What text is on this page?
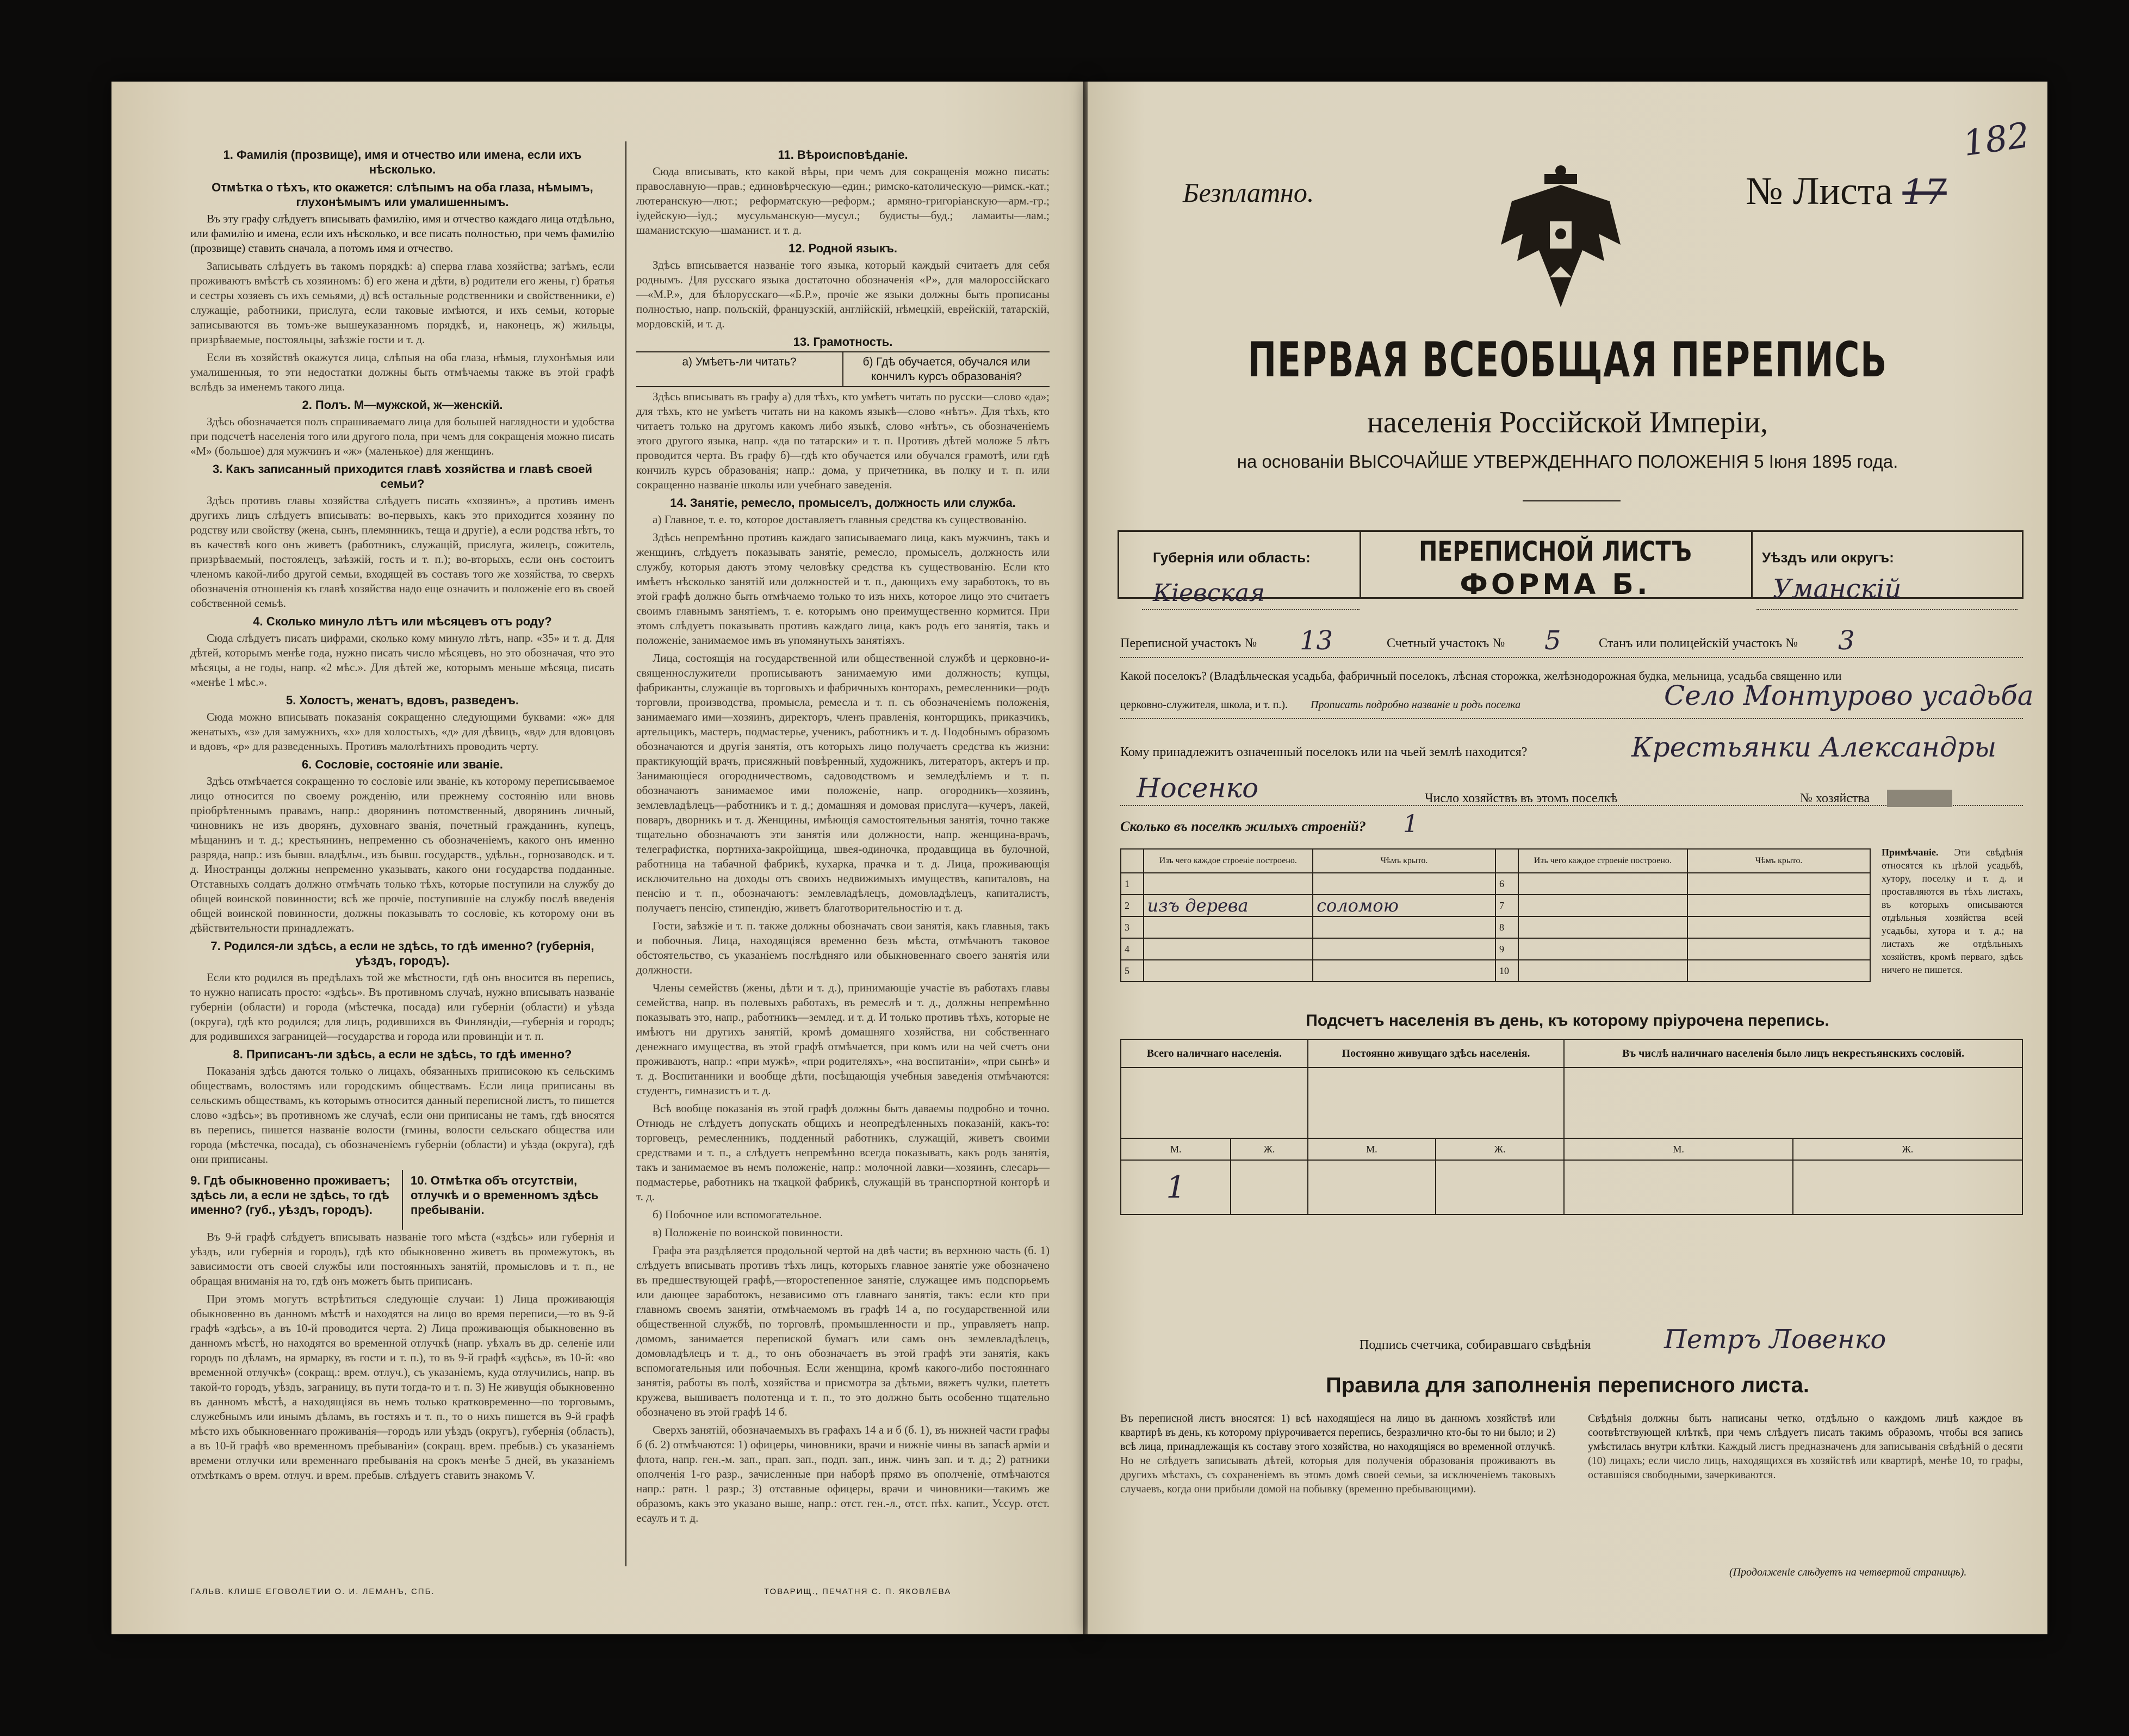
1. Фамилія (прозвище), имя и отчество или имена, если ихъ нѣсколько.
Отмѣтка о тѣхъ, кто окажется: слѣпымъ на оба глаза, нѣмымъ, глухонѣмымъ или умалишеннымъ.

Въ эту графу слѣдуетъ вписывать фамилію, имя и отчество каждаго лица отдѣльно, или фамилію и имена, если ихъ нѣсколько, и все писать полностью, при чемъ фамилію (прозвище) ставить сначала, а потомъ имя и отчество.

Записывать слѣдуетъ въ такомъ порядкѣ: а) сперва глава хозяйства; затѣмъ, если проживаютъ вмѣстѣ съ хозяиномъ: б) его жена и дѣти, в) родители его жены, г) братья и сестры хозяевъ съ ихъ семьями, д) всѣ остальные родственники и свойственники, е) служащіе, работники, прислуга, если таковые имѣются, и ихъ семьи, которые записываются въ томъ-же вышеуказанномъ порядкѣ, и, наконецъ, ж) жильцы, призрѣваемые, постояльцы, заѣзжіе гости и т. д.

Если въ хозяйствѣ окажутся лица, слѣпыя на оба глаза, нѣмыя, глухонѣмыя или умалишенныя, то эти недостатки должны быть отмѣчаемы также въ этой графѣ вслѣдъ за именемъ такого лица.

2. Полъ. М—мужской, ж—женскій.

Здѣсь обозначается полъ спрашиваемаго лица для большей наглядности и удобства при подсчетѣ населенія того или другого пола, при чемъ для сокращенія можно писать «М» (большое) для мужчинъ и «ж» (маленькое) для женщинъ.

3. Какъ записанный приходится главѣ хозяйства и главѣ своей семьи?

Здѣсь противъ главы хозяйства слѣдуетъ писать «хозяинъ», а противъ именъ другихъ лицъ слѣдуетъ вписывать: во-первыхъ, какъ это приходится хозяину по родству или свойству (жена, сынъ, племянникъ, теща и другіе), а если родства нѣтъ, то въ качествѣ кого онъ живетъ (работникъ, служащій, прислуга, жилецъ, сожитель, призрѣваемый, постоялецъ, заѣзжій, гость и т. п.); во-вторыхъ, если онъ состоитъ членомъ какой-либо другой семьи, входящей въ составъ того же хозяйства, то сверхъ обозначенія отношенія къ главѣ хозяйства надо еще означить и положеніе его въ своей собственной семьѣ.

4. Сколько минуло лѣтъ или мѣсяцевъ отъ роду?

Сюда слѣдуетъ писать цифрами, сколько кому минуло лѣтъ, напр. «35» и т. д. Для дѣтей, которымъ менѣе года, нужно писать число мѣсяцевъ, но это обозначая, что это мѣсяцы, а не годы, напр. «2 мѣс.». Для дѣтей же, которымъ меньше мѣсяца, писать «менѣе 1 мѣс.».

5. Холостъ, женатъ, вдовъ, разведенъ.

Сюда можно вписывать показанія сокращенно следующими буквами: «ж» для женатыхъ, «з» для замужнихъ, «х» для холостыхъ, «д» для дѣвицъ, «вд» для вдовцовъ и вдовъ, «р» для разведенныхъ. Противъ малолѣтнихъ проводить черту.

6. Сословіе, состояніе или званіе.

Здѣсь отмѣчается сокращенно то сословіе или званіе, къ которому переписываемое лицо относится по своему рожденію, или прежнему состоянію или вновь пріобрѣтеннымъ правамъ, напр.: дворянинъ потомственный, дворянинъ личный, чиновникъ не изъ дворянъ, духовнаго званія, почетный гражданинъ, купецъ, мѣщанинъ и т. д.; крестьянинъ, непременно съ обозначеніемъ, какого онъ именно разряда, напр.: изъ бывш. владѣльч., изъ бывш. государств., удѣльн., горнозаводск. и т. д. Иностранцы должны непременно указывать, какого они государства подданные. Отставныхъ солдатъ должно отмѣчать только тѣхъ, которые поступили на службу до общей воинской повинности; всѣ же прочіе, поступившіе на службу послѣ введенія общей воинской повинности, должны показывать то сословіе, къ которому они въ дѣйствительности принадлежатъ.

7. Родился-ли здѣсь, а если не здѣсь, то гдѣ именно? (губернія, уѣздъ, городъ).

Если кто родился въ предѣлахъ той же мѣстности, гдѣ онъ вносится въ перепись, то нужно написать просто: «здѣсь». Въ противномъ случаѣ, нужно вписывать названіе губерніи (области) и города (мѣстечка, посада) или губерніи (области) и уѣзда (округа), гдѣ кто родился; для лицъ, родившихся въ Финляндіи,—губернія и городъ; для родившихся заграницей—государства и города или провинціи и т. п.

8. Приписанъ-ли здѣсь, а если не здѣсь, то гдѣ именно?

Показанія здѣсь даются только о лицахъ, обязанныхъ приписокою къ сельскимъ обществамъ, волостямъ или городскимъ обществамъ. Если лица приписаны въ сельскимъ обществамъ, къ которымъ относится данный переписной листъ, то пишется слово «здѣсь»; въ противномъ же случаѣ, если они приписаны не тамъ, гдѣ вносятся въ перепись, пишется названіе волости (гмины, волости сельскаго общества или города (мѣстечка, посада), съ обозначеніемъ губерніи (области) и уѣзда (округа), гдѣ они приписаны.

9. Гдѣ обыкновенно проживаетъ; здѣсь ли, а если не здѣсь, то гдѣ именно? (губ., уѣздъ, городъ).
10. Отмѣтка объ отсутствіи, отлучкѣ и о временномъ здѣсь пребываніи.

Въ 9-й графѣ слѣдуетъ вписывать названіе того мѣста («здѣсь» или губернія и уѣздъ, или губернія и городъ), гдѣ кто обыкновенно живетъ въ промежутокъ, въ зависимости отъ своей службы или постоянныхъ занятій, промысловъ и т. п., не обращая вниманія на то, гдѣ онъ можетъ быть приписанъ.

При этомъ могутъ встрѣтиться следующіе случаи: 1) Лица проживающія обыкновенно въ данномъ мѣстѣ и находятся на лицо во время переписи,—то въ 9-й графѣ «здѣсь», а въ 10-й проводится черта. 2) Лица проживающія обыкновенно въ данномъ мѣстѣ, но находятся во временной отлучкѣ (напр. уѣхалъ въ др. селеніе или городъ по дѣламъ, на ярмарку, въ гости и т. п.), то въ 9-й графѣ «здѣсь», въ 10-й: «во временной отлучкѣ» (сокращ.: врем. отлуч.), съ указаніемъ, куда отлучились, напр. въ такой-то городъ, уѣздъ, заграницу, въ пути тогда-то и т. п. 3) Не живущія обыкновенно въ данномъ мѣстѣ, а находящіяся въ немъ только кратковременно—по торговымъ, служебнымъ или инымъ дѣламъ, въ гостяхъ и т. п., то о нихъ пишется въ 9-й графѣ мѣсто ихъ обыкновеннаго проживанія—городъ или уѣздъ (округъ), губернія (область), а въ 10-й графѣ «во временномъ пребываніи» (сокращ. врем. пребыв.) съ указаніемъ времени отлучки или временнаго пребыванія на срокъ менѣе 5 дней, въ указаніемъ отмѣткамъ о врем. отлуч. и врем. пребыв. слѣдуетъ ставить знакомъ V.

ГАЛЬВ. КЛИШЕ ЕГОВОЛЕТИИ О. И. ЛЕМАНЪ, СПБ.
11. Вѣроисповѣданіе.

Сюда вписывать, кто какой вѣры, при чемъ для сокращенія можно писать: православную—прав.; единовѣрческую—един.; римско-католическую—римск.-кат.; лютеранскую—лют.; реформатскую—реформ.; армяно-григоріанскую—арм.-гр.; іудейскую—іуд.; мусульманскую—мусул.; будисты—буд.; ламаиты—лам.; шаманистскую—шаманист. и т. д.

12. Родной языкъ.

Здѣсь вписывается названіе того языка, который каждый считаетъ для себя роднымъ. Для русскаго языка достаточно обозначенія «Р», для малороссійскаго—«М.Р.», для бѣлорусскаго—«Б.Р.», прочіе же языки должны быть прописаны полностью, напр. польскій, французскій, англійскій, нѣмецкій, еврейскій, татарскій, мордовскій, и т. д.

13. Грамотность.
а) Умѣетъ-ли читать?	б) Гдѣ обучается, обучался или кончилъ курсъ образованія?

Здѣсь вписывать въ графу а) для тѣхъ, кто умѣетъ читать по русски—слово «да»; для тѣхъ, кто не умѣетъ читать ни на какомъ языкѣ—слово «нѣтъ». Для тѣхъ, кто читаетъ только на другомъ какомъ либо языкѣ, слово «нѣтъ», съ обозначеніемъ этого другого языка, напр. «да по татарски» и т. п. Противъ дѣтей моложе 5 лѣтъ проводится черта. Въ графу б)—гдѣ кто обучается или обучался грамотѣ, или гдѣ кончилъ курсъ образованія; напр.: дома, у причетника, въ полку и т. п. или сокращенно названіе школы или учебнаго заведенія.

14. Занятіе, ремесло, промыселъ, должность или служба.

а) Главное, т. е. то, которое доставляетъ главныя средства къ существованію.

Здѣсь непремѣнно противъ каждаго записываемаго лица, какъ мужчинъ, такъ и женщинъ, слѣдуетъ показывать занятіе, ремесло, промыселъ, должность или службу, которыя даютъ этому человѣку средства къ существованію. Если кто имѣетъ нѣсколько занятій или должностей и т. п., дающихъ ему заработокъ, то въ этой графѣ должно быть отмѣчаемо только то изъ нихъ, которое лицо это считаетъ своимъ главнымъ занятіемъ, т. е. которымъ оно преимущественно кормится. При этомъ слѣдуетъ показывать противъ каждаго лица, какъ родъ его занятія, такъ и положеніе, занимаемое имъ въ упомянутыхъ занятіяхъ.

Лица, состоящія на государственной или общественной службѣ и церковно-и-священнослужители прописываютъ занимаемую ими должность; купцы, фабриканты, служащіе въ торговыхъ и фабричныхъ конторахъ, ремесленники—родъ торговли, производства, промысла, ремесла и т. п. съ обозначеніемъ положенія, занимаемаго ими—хозяинъ, директоръ, членъ правленія, конторщикъ, приказчикъ, артельщикъ, мастеръ, подмастерье, ученикъ, работникъ и т. д. Подобнымъ образомъ обозначаются и другія занятія, отъ которыхъ лицо получаетъ средства къ жизни: практикующій врачъ, присяжный повѣренный, художникъ, литераторъ, актеръ и пр. Занимающіеся огородничествомъ, садоводствомъ и земледѣліемъ и т. п. обозначаютъ занимаемое ими положеніе, напр. огородникъ—хозяинъ, землевладѣлецъ—работникъ и т. д.; домашняя и домовая прислуга—кучеръ, лакей, поваръ, дворникъ и т. д. Женщины, имѣющія самостоятельныя занятія, точно также тщательно обозначаютъ эти занятія или должности, напр. женщина-врачъ, телеграфистка, портниха-закройщица, швея-одиночка, продавщица въ булочной, работница на табачной фабрикѣ, кухарка, прачка и т. д. Лица, проживающія исключительно на доходы отъ своихъ недвижимыхъ имуществъ, капиталовъ, на пенсію и т. п., обозначаютъ: землевладѣлецъ, домовладѣлецъ, капиталистъ, получаетъ пенсію, стипендію, живетъ благотворительностію и т. д.

Гости, заѣзжіе и т. п. также должны обозначать свои занятія, какъ главныя, такъ и побочныя. Лица, находящіяся временно безъ мѣста, отмѣчаютъ таковое обстоятельство, съ указаніемъ послѣдняго или обыкновеннаго своего занятія или должности.

Члены семействъ (жены, дѣти и т. д.), принимающіе участіе въ работахъ главы семейства, напр. въ полевыхъ работахъ, въ ремеслѣ и т. д., должны непремѣнно показывать это, напр., работникъ—землед. и т. д. И только противъ тѣхъ, которые не имѣютъ ни другихъ занятій, кромѣ домашняго хозяйства, ни собственнаго денежнаго имущества, въ этой графѣ отмѣчается, при комъ или на чей счетъ они проживаютъ, напр.: «при мужѣ», «при родителяхъ», «на воспитаніи», «при сынѣ» и т. д. Воспитанники и вообще дѣти, посѣщающія учебныя заведенія отмѣчаются: студентъ, гимназистъ и т. д.

Всѣ вообще показанія въ этой графѣ должны быть даваемы подробно и точно. Отнюдь не слѣдуетъ допускать общихъ и неопредѣленныхъ показаній, какъ-то: торговецъ, ремесленникъ, подденный работникъ, служащій, живетъ своими средствами и т. п., а слѣдуетъ непремѣнно всегда показывать, какъ родъ занятія, такъ и занимаемое въ немъ положеніе, напр.: молочной лавки—хозяинъ, слесарь—подмастерье, работникъ на ткацкой фабрикѣ, служащій въ транспортной конторѣ и т. д.

б) Побочное или вспомогательное.

в) Положеніе по воинской повинности.

Графа эта раздѣляется продольной чертой на двѣ части; въ верхнюю часть (б. 1) слѣдуетъ вписывать противъ тѣхъ лицъ, которыхъ главное занятіе уже обозначено въ предшествующей графѣ,—второстепенное занятіе, служащее имъ подспорьемъ или дающее заработокъ, независимо отъ главнаго занятія, такъ: если кто при главномъ своемъ занятіи, отмѣчаемомъ въ графѣ 14 а, по государственной или общественной службѣ, по торговлѣ, промышленности и пр., управляетъ напр. домомъ, занимается перепиской бумагъ или самъ онъ землевладѣлецъ, домовладѣлецъ и т. д., то онъ обозначаетъ въ этой графѣ эти занятія, какъ вспомогательныя или побочныя. Если женщина, кромѣ какого-либо постояннаго занятія, работы въ полѣ, хозяйства и присмотра за дѣтьми, вяжетъ чулки, плететъ кружева, вышиваетъ полотенца и т. п., то это должно быть особенно тщательно обозначено въ этой графѣ 14 б.

Сверхъ занятій, обозначаемыхъ въ графахъ 14 а и б (б. 1), въ нижней части графы б (б. 2) отмѣчаются: 1) офицеры, чиновники, врачи и нижніе чины въ запасѣ арміи и флота, напр. ген.-м. зап., прап. зап., подп. зап., инж. чинъ зап. и т. д.; 2) ратники ополченія 1-го разр., зачисленные при наборѣ прямо въ ополченіе, отмѣчаются напр.: ратн. 1 разр.; 3) отставные офицеры, врачи и чиновники—такимъ же образомъ, какъ это указано выше, напр.: отст. ген.-л., отст. пѣх. капит., Уссур. отст. есаулъ и т. д.

ТОВАРИЩ., ПЕЧАТНЯ С. П. ЯКОВЛЕВА
182
Безплатно.	№ Листа 17
ПЕРВАЯ ВСЕОБЩАЯ ПЕРЕПИСЬ
населенія Россійской Имперіи,
на основаніи ВЫСОЧАЙШЕ УТВЕРЖДЕННАГО ПОЛОЖЕНІЯ 5 Іюня 1895 года.
Губернія или область:
Кіевская
ПЕРЕПИСНОЙ ЛИСТЪ
ФОРМА Б.
Уѣздъ или округъ:
Уманскій
Переписной участокъ № 13	Счетный участокъ № 5	Станъ или полицейскій участокъ № 3
Какой поселокъ? (Владѣльческая усадьба, фабричный поселокъ, лѣсная сторожка, желѣзнодорожная будка, мельница, усадьба священно или
церковно-служителя, школа, и т. п.). Прописать подробно названіе и родъ поселка	Село Монтурово усадьба
Кому принадлежитъ означенный поселокъ или на чьей землѣ находится?	Крестьянки Александры
Носенко	Число хозяйствъ въ этомъ поселкѣ	№ хозяйства
Сколько въ поселкѣ жилыхъ строеній? 1
	Изъ чего каждое строеніе построено.	Чѣмъ крыто.		Изъ чего каждое строеніе построено.	Чѣмъ крыто.
1			6		
2	изъ дерева	соломою	7		
3			8		
4			9		
5			10		
Примѣчаніе. Эти свѣдѣнія относятся къ цѣлой усадьбѣ, хутору, поселку и т. д. и проставляются въ тѣхъ листахъ, въ которыхъ описываются отдѣльныя хозяйства всей усадьбы, хутора и т. д.; на листахъ же отдѣльныхъ хозяйствъ, кромѣ перваго, здѣсь ничего не пишется.
Подсчетъ населенія въ день, къ которому пріурочена перепись.
Всего наличнаго населенія.		Постоянно живущаго здѣсь населенія.		Въ числѣ наличнаго населенія было лицъ некрестьянскихъ сословій.	

М.	Ж.	М.	Ж.	М.	Ж.
1					
Подпись счетчика, собиравшаго свѣдѣнія	Петръ Ловенко
Правила для заполненія переписного листа.
Въ переписной листъ вносятся: 1) всѣ находящіеся на лицо въ данномъ хозяйствѣ или квартирѣ въ день, къ которому пріурочивается перепись, безразлично кто-бы то ни было; и 2) всѣ лица, принадлежащія къ составу этого хозяйства, но находящіяся во временной отлучкѣ. Но не слѣдуетъ записывать дѣтей, которыя для полученія образованія проживаютъ въ другихъ мѣстахъ, съ сохраненіемъ въ этомъ домѣ своей семьи, за исключеніемъ таковыхъ случаевъ, когда они прибыли домой на побывку (временно пребывающими).
Свѣдѣнія должны быть написаны четко, отдѣльно о каждомъ лицѣ каждое въ соотвѣтствующей клѣткѣ, при чемъ слѣдуетъ писать такимъ образомъ, чтобы вся запись умѣстилась внутри клѣтки. Каждый листъ предназначенъ для записыванія свѣдѣній о десяти (10) лицахъ; если число лицъ, находящихся въ хозяйствѣ или квартирѣ, менѣе 10, то графы, оставшіяся свободными, зачеркиваются.
(Продолженіе слѣдуетъ на четвертой страницѣ).
